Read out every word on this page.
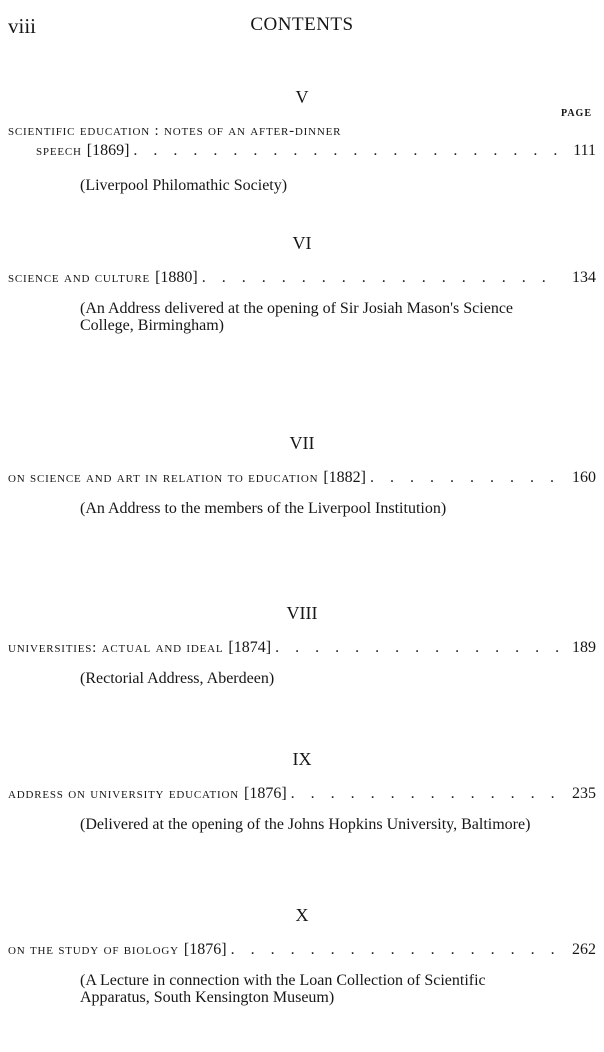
viii	CONTENTS
V
PAGE
scientific education : notes of an after-dinner
speech [1869] . . .	111
(Liverpool Philomathic Society)
VI
science and culture [1880] . . .	134
(An Address delivered at the opening of Sir Josiah Mason's Science College, Birmingham)
VII
on science and art in relation to education [1882] . . .	160
(An Address to the members of the Liverpool Institution)
VIII
universities: actual and ideal [1874] . . .	189
(Rectorial Address, Aberdeen)
IX
address on university education [1876] . . .	235
(Delivered at the opening of the Johns Hopkins University, Baltimore)
X
on the study of biology [1876] . . .	262
(A Lecture in connection with the Loan Collection of Scientific Apparatus, South Kensington Museum)
